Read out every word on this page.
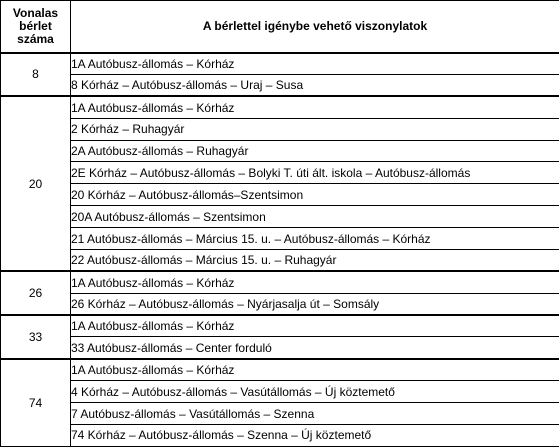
Vonalas
bérlet
száma	A bérlettel igénybe vehető viszonylatok
8	1A Autóbusz-állomás – Kórház
	8 Kórház – Autóbusz-állomás – Uraj – Susa
20	1A Autóbusz-állomás – Kórház
	2 Kórház – Ruhagyár
	2A Autóbusz-állomás – Ruhagyár
	2E Kórház – Autóbusz-állomás – Bolyki T. úti ált. iskola – Autóbusz-állomás
	20 Kórház – Autóbusz-állomás–Szentsimon
	20A Autóbusz-állomás – Szentsimon
	21 Autóbusz-állomás – Március 15. u. – Autóbusz-állomás – Kórház
	22 Autóbusz-állomás – Március 15. u. – Ruhagyár
26	1A Autóbusz-állomás – Kórház
	26 Kórház – Autóbusz-állomás – Nyárjasalja út – Somsály
33	1A Autóbusz-állomás – Kórház
	33 Autóbusz-állomás – Center forduló
74	1A Autóbusz-állomás – Kórház
	4 Kórház – Autóbusz-állomás – Vasútállomás – Új köztemető
	7 Autóbusz-állomás – Vasútállomás – Szenna
	74 Kórház – Autóbusz-állomás – Szenna – Új köztemető
